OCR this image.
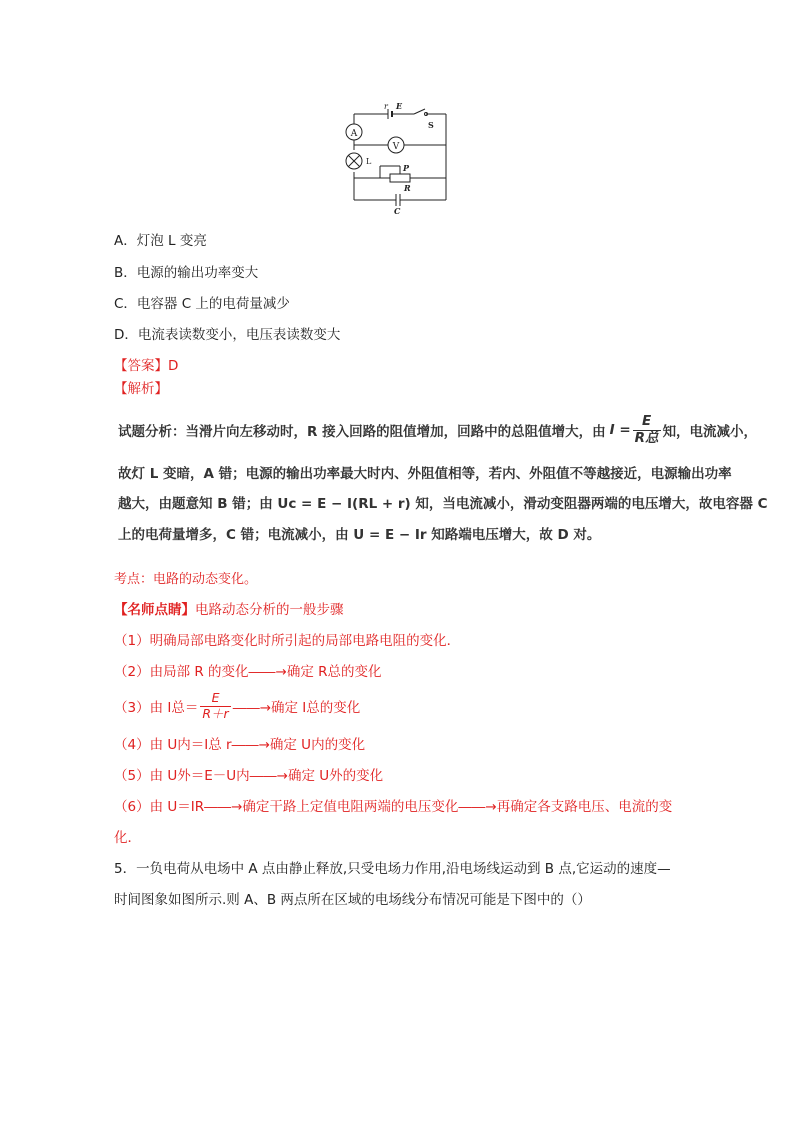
A
V
r E
S
L
P
R
C
A．灯泡 L 变亮
B．电源的输出功率变大
C．电容器 C 上的电荷量减少
D．电流表读数变小，电压表读数变大
【答案】D
【解析】
试题分析：当滑片向左移动时，R 接入回路的阻值增加，回路中的总阻值增大，由 $I = \frac{E}{\text{R总}}$ 知，电流减小，
故灯 L 变暗，A 错；电源的输出功率最大时内、外阻值相等，若内、外阻值不等越接近，电源输出功率
越大，由题意知 B 错；由 Uc = E − I(RL + r) 知，当电流减小，滑动变阻器两端的电压增大，故电容器 C
上的电荷量增多，C 错；电流减小，由 U = E − Ir 知路端电压增大，故 D 对。
考点：电路的动态变化。
【名师点睛】电路动态分析的一般步骤
（1）明确局部电路变化时所引起的局部电路电阻的变化．
（2）由局部 R 的变化――→确定 R总的变化
（3）由 I总＝ $\frac{E}{R+r}$ ――→确定 I总的变化
（4）由 U内＝I总 r――→确定 U内的变化
（5）由 U外＝E－U内――→确定 U外的变化
（6）由 U＝IR――→确定干路上定值电阻两端的电压变化――→再确定各支路电压、电流的变
化．
5．一负电荷从电场中 A 点由静止释放,只受电场力作用,沿电场线运动到 B 点,它运动的速度—
时间图象如图所示.则 A、B 两点所在区域的电场线分布情况可能是下图中的（）
